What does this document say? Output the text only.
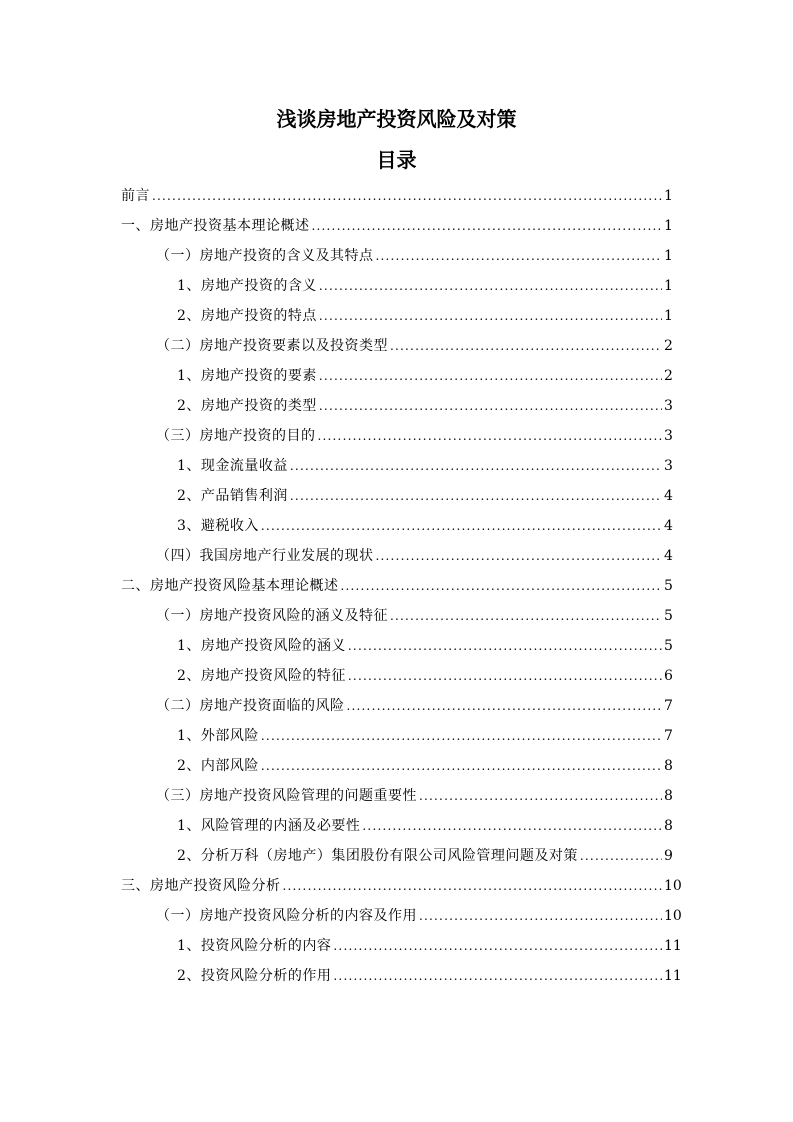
浅谈房地产投资风险及对策
目录
前言 .....	1
一、房地产投资基本理论概述 .....	1
（一）房地产投资的含义及其特点 .....	1
1、房地产投资的含义 .....	1
2、房地产投资的特点 .....	1
（二）房地产投资要素以及投资类型 .....	2
1、房地产投资的要素 .....	2
2、房地产投资的类型 .....	3
（三）房地产投资的目的 .....	3
1、现金流量收益 .....	3
2、产品销售利润 .....	4
3、避税收入 .....	4
（四）我国房地产行业发展的现状 .....	4
二、房地产投资风险基本理论概述 .....	5
（一）房地产投资风险的涵义及特征 .....	5
1、房地产投资风险的涵义 .....	5
2、房地产投资风险的特征 .....	6
（二）房地产投资面临的风险 .....	7
1、外部风险 .....	7
2、内部风险 .....	8
（三）房地产投资风险管理的问题重要性 .....	8
1、风险管理的内涵及必要性 .....	8
2、分析万科（房地产）集团股份有限公司风险管理问题及对策 .....	9
三、房地产投资风险分析 .....	10
（一）房地产投资风险分析的内容及作用 .....	10
1、投资风险分析的内容 .....	11
2、投资风险分析的作用 .....	11
